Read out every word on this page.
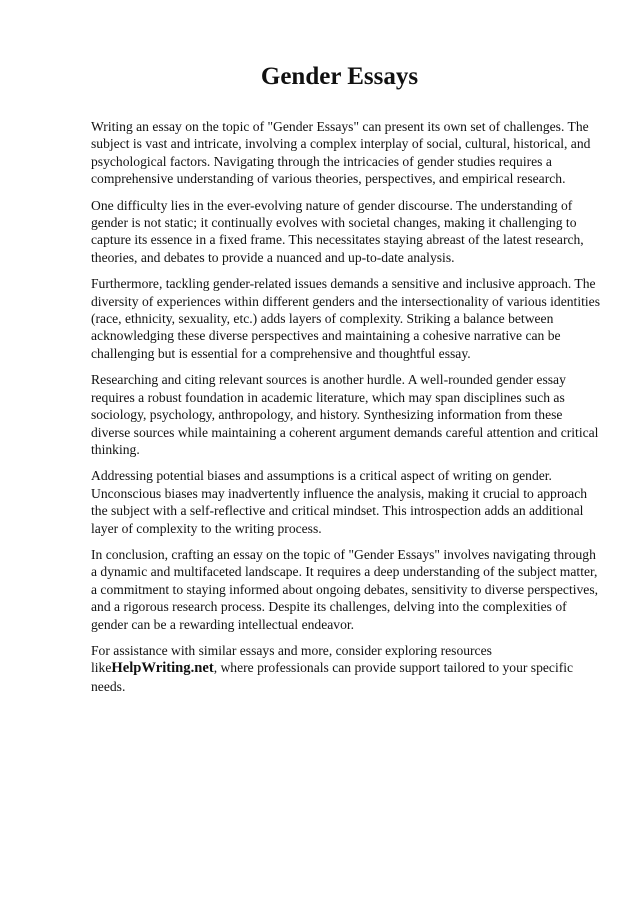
Gender Essays

Writing an essay on the topic of "Gender Essays" can present its own set of challenges. The subject is vast and intricate, involving a complex interplay of social, cultural, historical, and psychological factors. Navigating through the intricacies of gender studies requires a comprehensive understanding of various theories, perspectives, and empirical research.

One difficulty lies in the ever-evolving nature of gender discourse. The understanding of gender is not static; it continually evolves with societal changes, making it challenging to capture its essence in a fixed frame. This necessitates staying abreast of the latest research, theories, and debates to provide a nuanced and up-to-date analysis.

Furthermore, tackling gender-related issues demands a sensitive and inclusive approach. The diversity of experiences within different genders and the intersectionality of various identities (race, ethnicity, sexuality, etc.) adds layers of complexity. Striking a balance between acknowledging these diverse perspectives and maintaining a cohesive narrative can be challenging but is essential for a comprehensive and thoughtful essay.

Researching and citing relevant sources is another hurdle. A well-rounded gender essay requires a robust foundation in academic literature, which may span disciplines such as sociology, psychology, anthropology, and history. Synthesizing information from these diverse sources while maintaining a coherent argument demands careful attention and critical thinking.

Addressing potential biases and assumptions is a critical aspect of writing on gender. Unconscious biases may inadvertently influence the analysis, making it crucial to approach the subject with a self-reflective and critical mindset. This introspection adds an additional layer of complexity to the writing process.

In conclusion, crafting an essay on the topic of "Gender Essays" involves navigating through a dynamic and multifaceted landscape. It requires a deep understanding of the subject matter, a commitment to staying informed about ongoing debates, sensitivity to diverse perspectives, and a rigorous research process. Despite its challenges, delving into the complexities of gender can be a rewarding intellectual endeavor.

For assistance with similar essays and more, consider exploring resources likeHelpWriting.net, where professionals can provide support tailored to your specific needs.
